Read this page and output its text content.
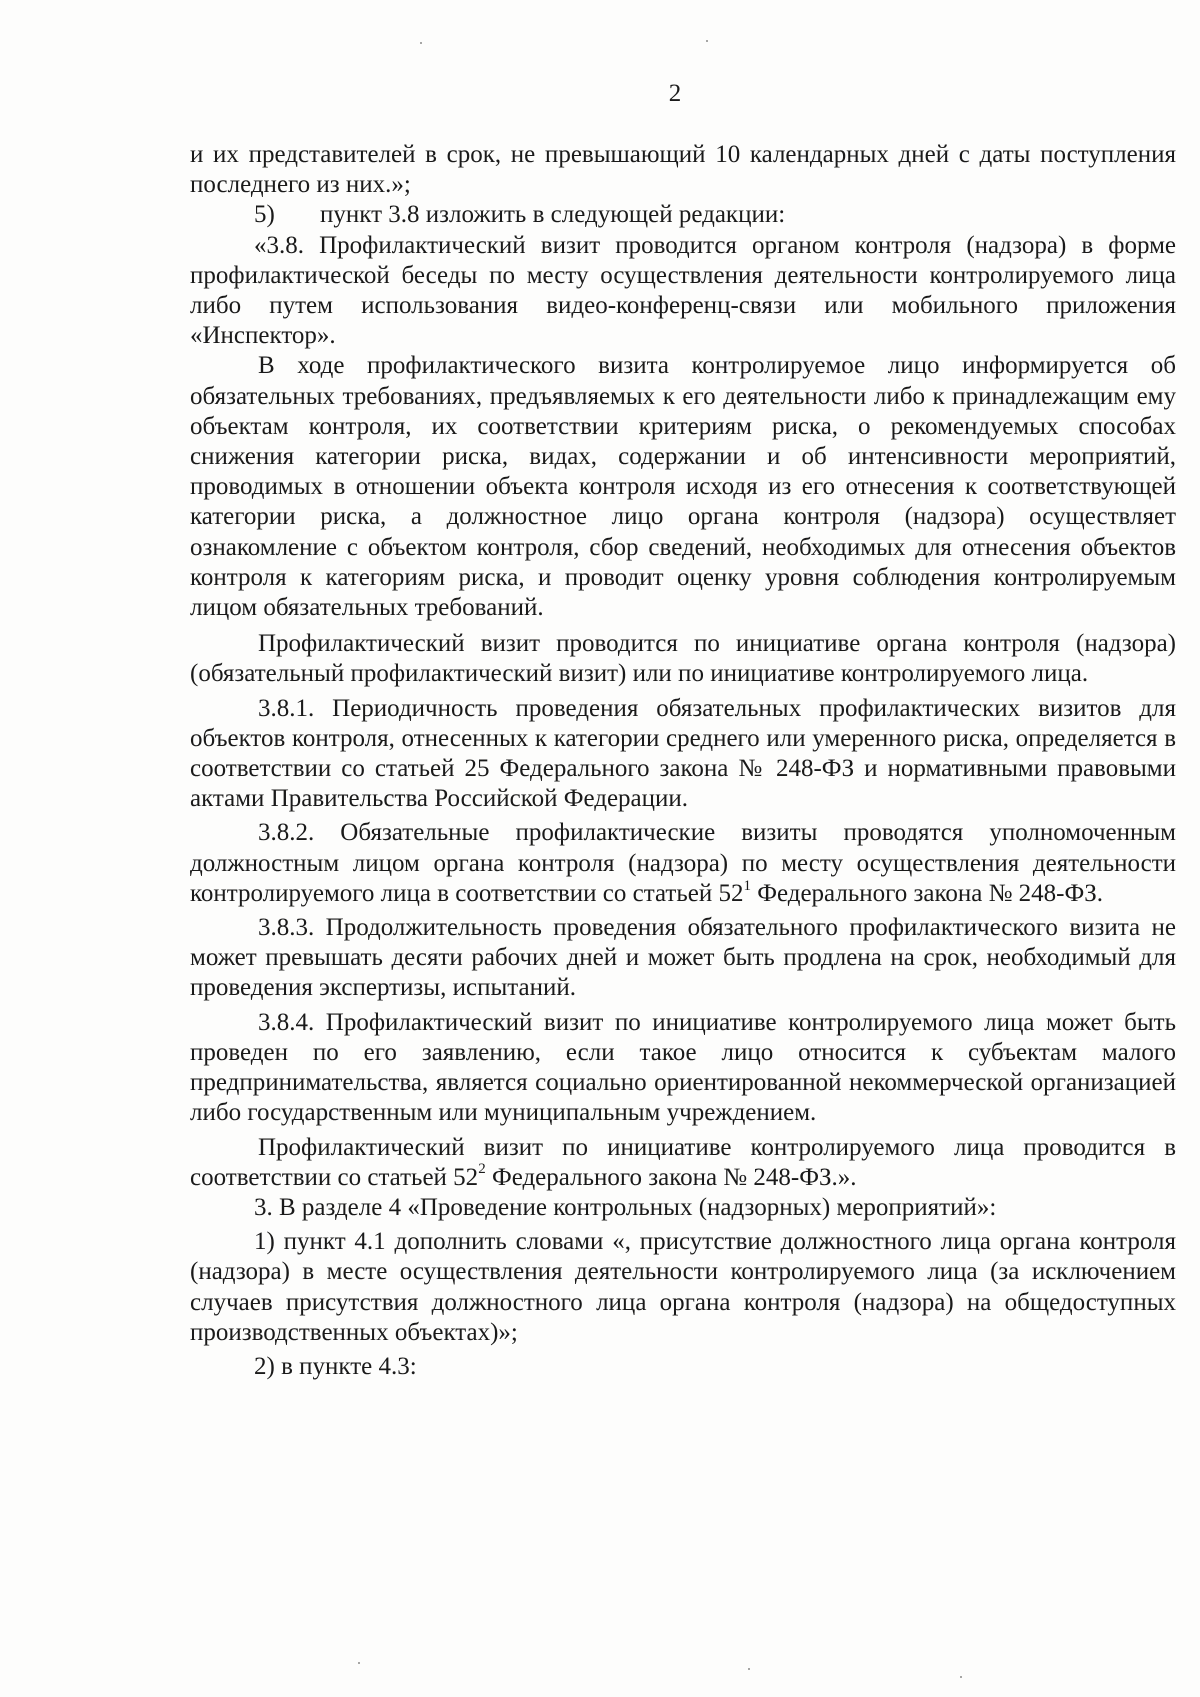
2

и их представителей в срок, не превышающий 10 календарных дней с даты поступления последнего из них.»;

5) пункт 3.8 изложить в следующей редакции:

«3.8. Профилактический визит проводится органом контроля (надзора) в форме профилактической беседы по месту осуществления деятельности контролируемого лица либо путем использования видео-конференц-связи или мобильного приложения «Инспектор».

В ходе профилактического визита контролируемое лицо информируется об обязательных требованиях, предъявляемых к его деятельности либо к принадлежащим ему объектам контроля, их соответствии критериям риска, о рекомендуемых способах снижения категории риска, видах, содержании и об интенсивности мероприятий, проводимых в отношении объекта контроля исходя из его отнесения к соответствующей категории риска, а должностное лицо органа контроля (надзора) осуществляет ознакомление с объектом контроля, сбор сведений, необходимых для отнесения объектов контроля к категориям риска, и проводит оценку уровня соблюдения контролируемым лицом обязательных требований.

Профилактический визит проводится по инициативе органа контроля (надзора) (обязательный профилактический визит) или по инициативе контролируемого лица.

3.8.1. Периодичность проведения обязательных профилактических визитов для объектов контроля, отнесенных к категории среднего или умеренного риска, определяется в соответствии со статьей 25 Федерального закона № 248-ФЗ и нормативными правовыми актами Правительства Российской Федерации.

3.8.2. Обязательные профилактические визиты проводятся уполномоченным должностным лицом органа контроля (надзора) по месту осуществления деятельности контролируемого лица в соответствии со статьей $52^1$ Федерального закона № 248-ФЗ.

3.8.3. Продолжительность проведения обязательного профилактического визита не может превышать десяти рабочих дней и может быть продлена на срок, необходимый для проведения экспертизы, испытаний.

3.8.4. Профилактический визит по инициативе контролируемого лица может быть проведен по его заявлению, если такое лицо относится к субъектам малого предпринимательства, является социально ориентированной некоммерческой организацией либо государственным или муниципальным учреждением.

Профилактический визит по инициативе контролируемого лица проводится в соответствии со статьей $52^2$ Федерального закона № 248-ФЗ.».

3. В разделе 4 «Проведение контрольных (надзорных) мероприятий»:

1) пункт 4.1 дополнить словами «, присутствие должностного лица органа контроля (надзора) в месте осуществления деятельности контролируемого лица (за исключением случаев присутствия должностного лица органа контроля (надзора) на общедоступных производственных объектах)»;

2) в пункте 4.3:
